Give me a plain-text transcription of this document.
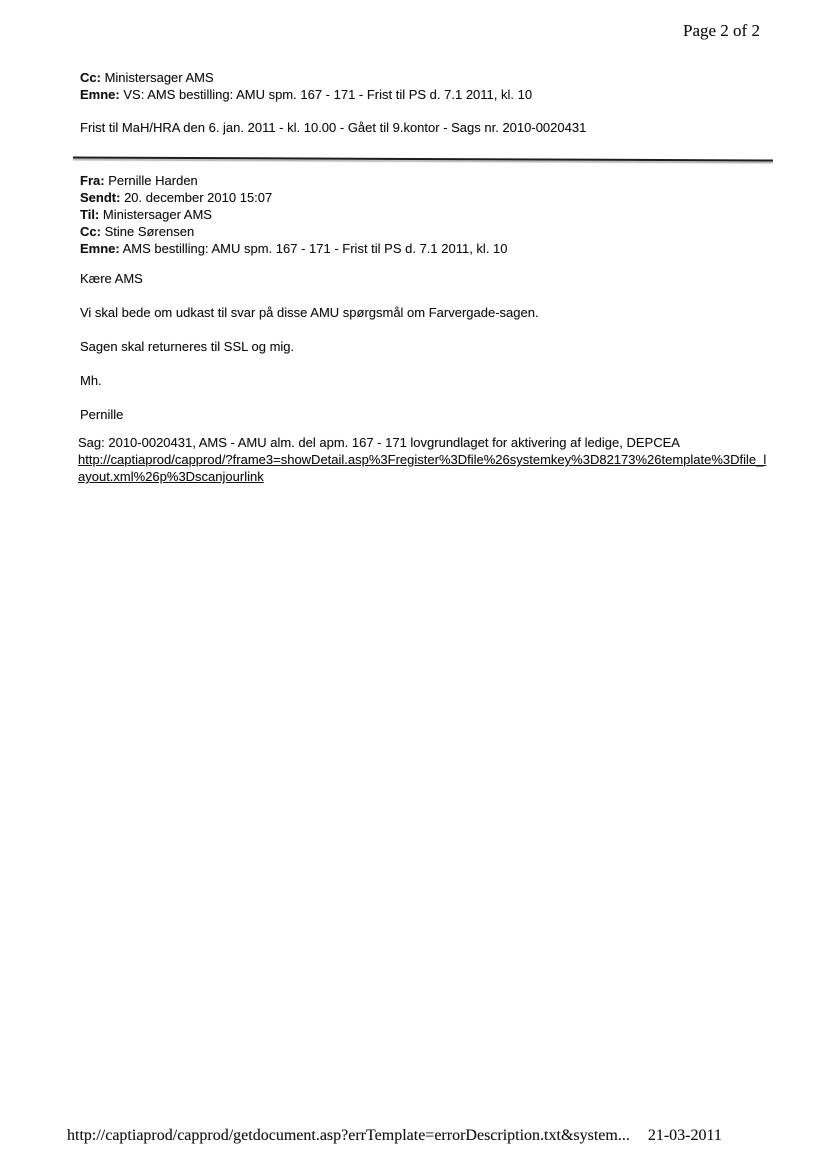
Page 2 of 2
Cc: Ministersager AMS
Emne: VS: AMS bestilling: AMU spm. 167 - 171 - Frist til PS d. 7.1 2011, kl. 10
Frist til MaH/HRA den 6. jan. 2011 - kl. 10.00 - Gået til 9.kontor - Sags nr. 2010-0020431
Fra: Pernille Harden
Sendt: 20. december 2010 15:07
Til: Ministersager AMS
Cc: Stine Sørensen
Emne: AMS bestilling: AMU spm. 167 - 171 - Frist til PS d. 7.1 2011, kl. 10

Kære AMS

Vi skal bede om udkast til svar på disse AMU spørgsmål om Farvergade-sagen.

Sagen skal returneres til SSL og mig.

Mh.

Pernille

Sag: 2010-0020431, AMS - AMU alm. del apm. 167 - 171 lovgrundlaget for aktivering af ledige, DEPCEA
http://captiaprod/capprod/?frame3=showDetail.asp%3Fregister%3Dfile%26systemkey%3D82173%26template%3Dfile_layout.xml%26p%3Dscanjourlink
http://captiaprod/capprod/getdocument.asp?errTemplate=errorDescription.txt&system... 21-03-2011
